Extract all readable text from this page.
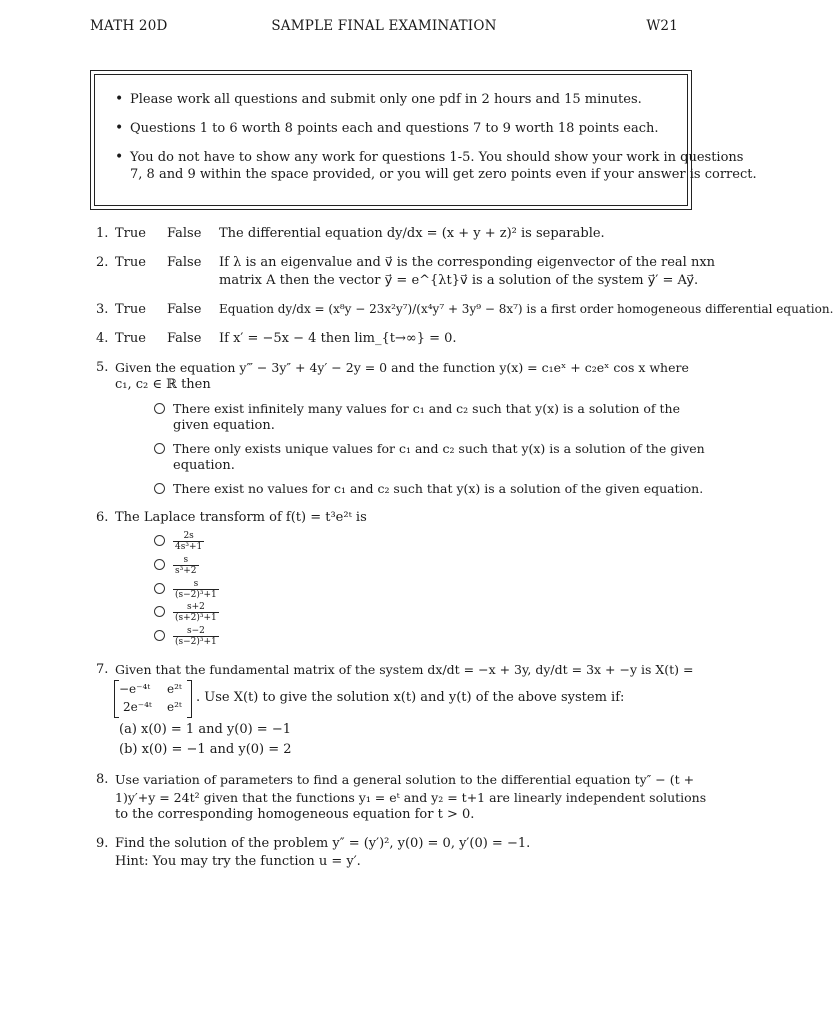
MATH 20D	SAMPLE FINAL EXAMINATION	W21
• Please work all questions and submit only one pdf in 2 hours and 15 minutes.
• Questions 1 to 6 worth 8 points each and questions 7 to 9 worth 18 points each.
• You do not have to show any work for questions 1-5. You should show your work in questions
7, 8 and 9 within the space provided, or you will get zero points even if your answer is correct.
1. True False The differential equation dy/dx = (x + y + z)² is separable.
2. True False If λ is an eigenvalue and v⃗ is the corresponding eigenvector of the real nxn
matrix A then the vector y⃗ = e^{λt}v⃗ is a solution of the system y⃗′ = Ay⃗.
3. True False Equation dy/dx = (x⁸y − 23x²y⁷)/(x⁴y⁷ + 3y⁹ − 8x⁷) is a first order homogeneous differential equation.
4. True False If x′ = −5x − 4 then lim_{t→∞} = 0.
5. Given the equation y‴ − 3y″ + 4y′ − 2y = 0 and the function y(x) = c₁eˣ + c₂eˣ cos x where
c₁, c₂ ∈ ℝ then
There exist infinitely many values for c₁ and c₂ such that y(x) is a solution of the
given equation.
There only exists unique values for c₁ and c₂ such that y(x) is a solution of the given
equation.
There exist no values for c₁ and c₂ such that y(x) is a solution of the given equation.
6. The Laplace transform of f(t) = t³e²ᵗ is
$\frac{2s}{\text{4s³+1}}$
$\frac{s}{\text{s³+2}}$
$\frac{s}{\text{(s−2)³+1}}$
$\frac{s+2}{\text{(s+2)³+1}}$
$\frac{s-2}{\text{(s−2)³+1}}$
7. Given that the fundamental matrix of the system dx/dt = −x + 3y, dy/dt = 3x + −y is X(t) =
−e⁻⁴ᵗ e²ᵗ
2e⁻⁴ᵗ e²ᵗ
. Use X(t) to give the solution x(t) and y(t) of the above system if:
(a) x(0) = 1 and y(0) = −1
(b) x(0) = −1 and y(0) = 2
8. Use variation of parameters to find a general solution to the differential equation ty″ − (t +
1)y′+y = 24t² given that the functions y₁ = eᵗ and y₂ = t+1 are linearly independent solutions
to the corresponding homogeneous equation for t > 0.
9. Find the solution of the problem y″ = (y′)², y(0) = 0, y′(0) = −1.
Hint: You may try the function u = y′.
